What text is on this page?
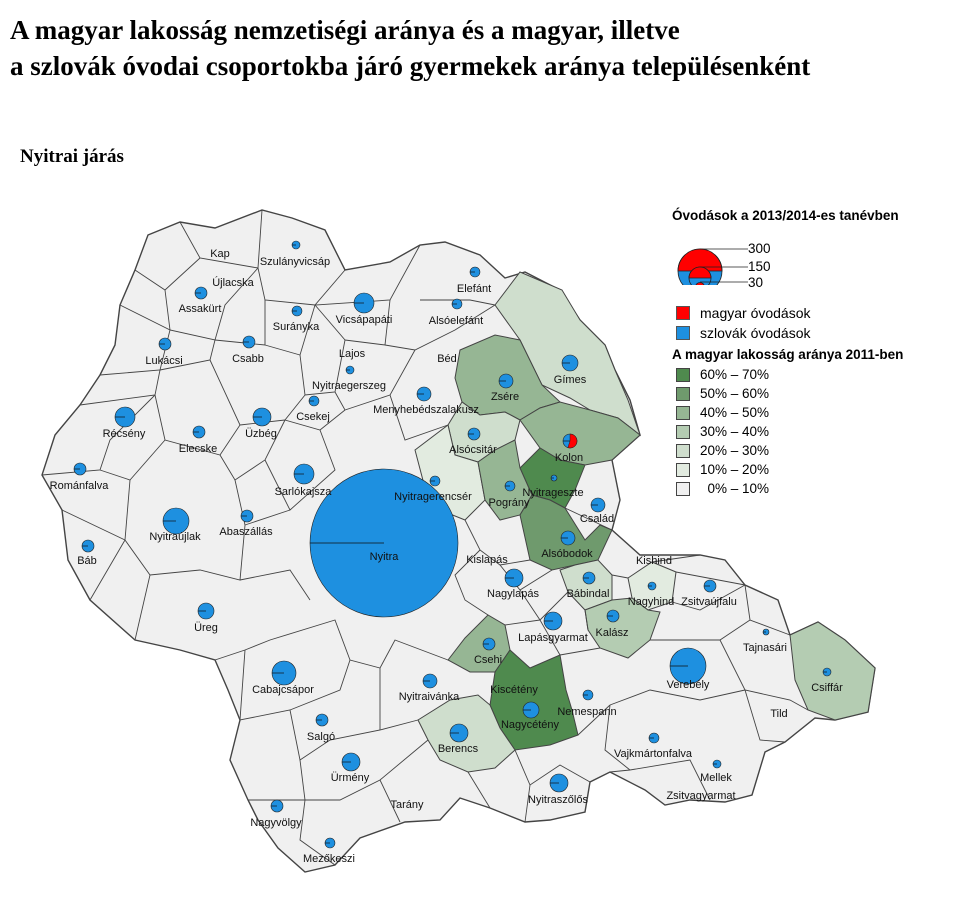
A magyar lakosság nemzetiségi aránya és a magyar, illetve
a szlovák óvodai csoportokba járó gyermekek aránya településenként
Nyitrai járás
Kap
Szulányvicsáp
Újlacska
Assakürt
Surányka
Vicsápapáti
Elefánt
Alsóelefánt
Lukácsi	Csabb	Lajos
Nyitraegerszeg
Béd
Gímes
Zsére
Menyhebédszalakusz
Csekej
Récsény	Üzbég
Elecske	Alsócsitár
Kolon
Románfalva	Sarlókajsza	Nyitragerencsér	Nyitrageszte
Pográny
Abaszállás
Nyitraújlak
Család
Báb	Nyitra	Alsóbodok
Kislapás	Kishind
Nagylapás
Zsitvaújfalu
Bábindal
Nagyhind
Üreg
Lapásgyarmat Kalász
Tajnasári
Csehi
Cabajcsápor	Verebély	Csiffár
Kiscétény
Nyitraivánka
Nemespann	Tild
Salgó
Nagycétény
Berencs	Vajkmártonfalva
Ürmény	Mellek
Zsitvagyarmat
Nyitraszőlős
Tarány
Nagyvölgy
Mezőkeszi
Óvodások a 2013/2014-es tanévben
300
150
30
magyar óvodások
szlovák óvodások
A magyar lakosság aránya 2011-ben
60% – 70%
50% – 60%
40% – 50%
30% – 40%
20% – 30%
10% – 20%
0% – 10%
